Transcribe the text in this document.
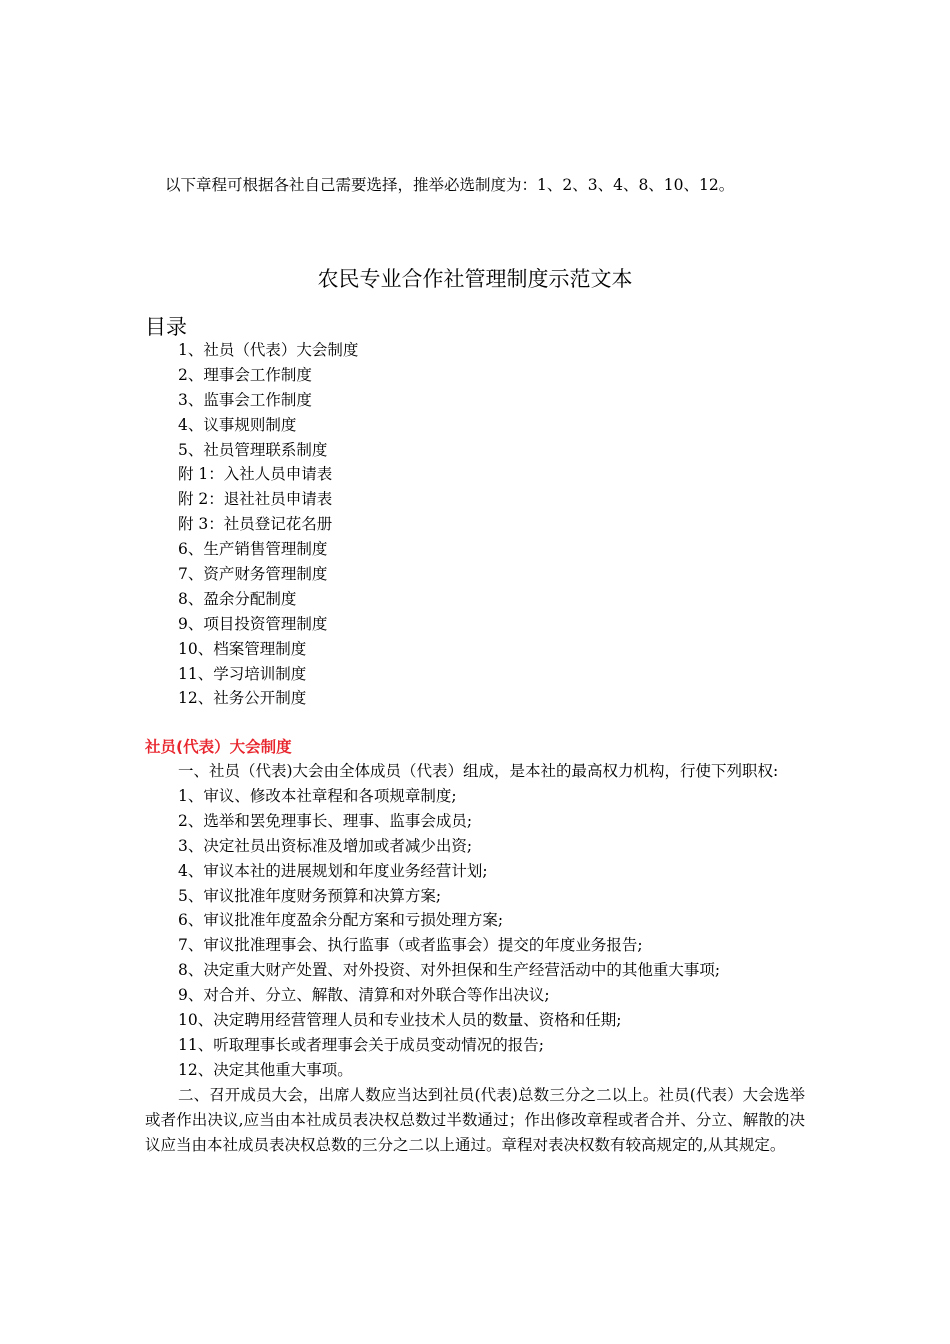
以下章程可根据各社自己需要选择，推举必选制度为：1、2、3、4、8、10、12。
农民专业合作社管理制度示范文本
目录
1、社员（代表）大会制度
2、理事会工作制度
3、监事会工作制度
4、议事规则制度
5、社员管理联系制度
附 1：入社人员申请表
附 2：退社社员申请表
附 3：社员登记花名册
6、生产销售管理制度
7、资产财务管理制度
8、盈余分配制度
9、项目投资管理制度
10、档案管理制度
11、学习培训制度
12、社务公开制度
社员(代表）大会制度

一、社员（代表)大会由全体成员（代表）组成，是本社的最高权力机构，行使下列职权:

1、审议、修改本社章程和各项规章制度;

2、选举和罢免理事长、理事、监事会成员;

3、决定社员出资标准及增加或者减少出资;

4、审议本社的进展规划和年度业务经营计划;

5、审议批准年度财务预算和决算方案;

6、审议批准年度盈余分配方案和亏损处理方案;

7、审议批准理事会、执行监事（或者监事会）提交的年度业务报告;

8、决定重大财产处置、对外投资、对外担保和生产经营活动中的其他重大事项;

9、对合并、分立、解散、清算和对外联合等作出决议;

10、决定聘用经营管理人员和专业技术人员的数量、资格和任期;

11、听取理事长或者理事会关于成员变动情况的报告;

12、决定其他重大事项。

二、召开成员大会，出席人数应当达到社员(代表)总数三分之二以上。社员(代表）大会选举或者作出决议,应当由本社成员表决权总数过半数通过；作出修改章程或者合并、分立、解散的决议应当由本社成员表决权总数的三分之二以上通过。章程对表决权数有较高规定的,从其规定。
